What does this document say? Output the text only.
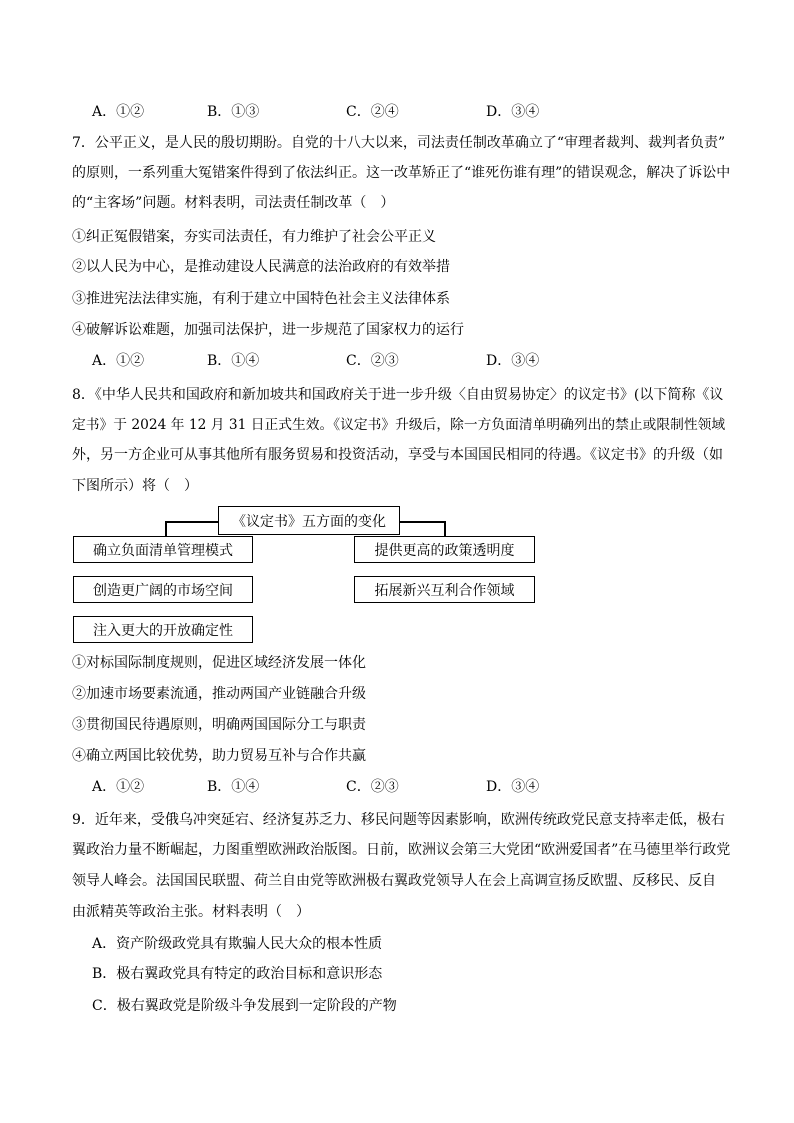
A．①②	B．①③	C．②④	D．③④
7．公平正义，是人民的殷切期盼。自党的十八大以来，司法责任制改革确立了“审理者裁判、裁判者负责”
的原则，一系列重大冤错案件得到了依法纠正。这一改革矫正了“谁死伤谁有理”的错误观念，解决了诉讼中
的“主客场”问题。材料表明，司法责任制改革（　）
①纠正冤假错案，夯实司法责任，有力维护了社会公平正义
②以人民为中心，是推动建设人民满意的法治政府的有效举措
③推进宪法法律实施，有利于建立中国特色社会主义法律体系
④破解诉讼难题，加强司法保护，进一步规范了国家权力的运行
A．①②	B．①④	C．②③	D．③④
8．《中华人民共和国政府和新加坡共和国政府关于进一步升级〈自由贸易协定〉的议定书》(以下简称《议
定书》于 2024 年 12 月 31 日正式生效。《议定书》升级后，除一方负面清单明确列出的禁止或限制性领域
外，另一方企业可从事其他所有服务贸易和投资活动，享受与本国国民相同的待遇。《议定书》的升级（如
下图所示）将（　）
《议定书》五方面的变化
确立负面清单管理模式
创造更广阔的市场空间
注入更大的开放确定性
提供更高的政策透明度
拓展新兴互利合作领域
①对标国际制度规则，促进区域经济发展一体化
②加速市场要素流通，推动两国产业链融合升级
③贯彻国民待遇原则，明确两国国际分工与职责
④确立两国比较优势，助力贸易互补与合作共赢
A．①②	B．①④	C．②③	D．③④
9．近年来，受俄乌冲突延宕、经济复苏乏力、移民问题等因素影响，欧洲传统政党民意支持率走低，极右
翼政治力量不断崛起，力图重塑欧洲政治版图。日前，欧洲议会第三大党团“欧洲爱国者”在马德里举行政党
领导人峰会。法国国民联盟、荷兰自由党等欧洲极右翼政党领导人在会上高调宣扬反欧盟、反移民、反自
由派精英等政治主张。材料表明（　）
A．资产阶级政党具有欺骗人民大众的根本性质
B．极右翼政党具有特定的政治目标和意识形态
C．极右翼政党是阶级斗争发展到一定阶段的产物
